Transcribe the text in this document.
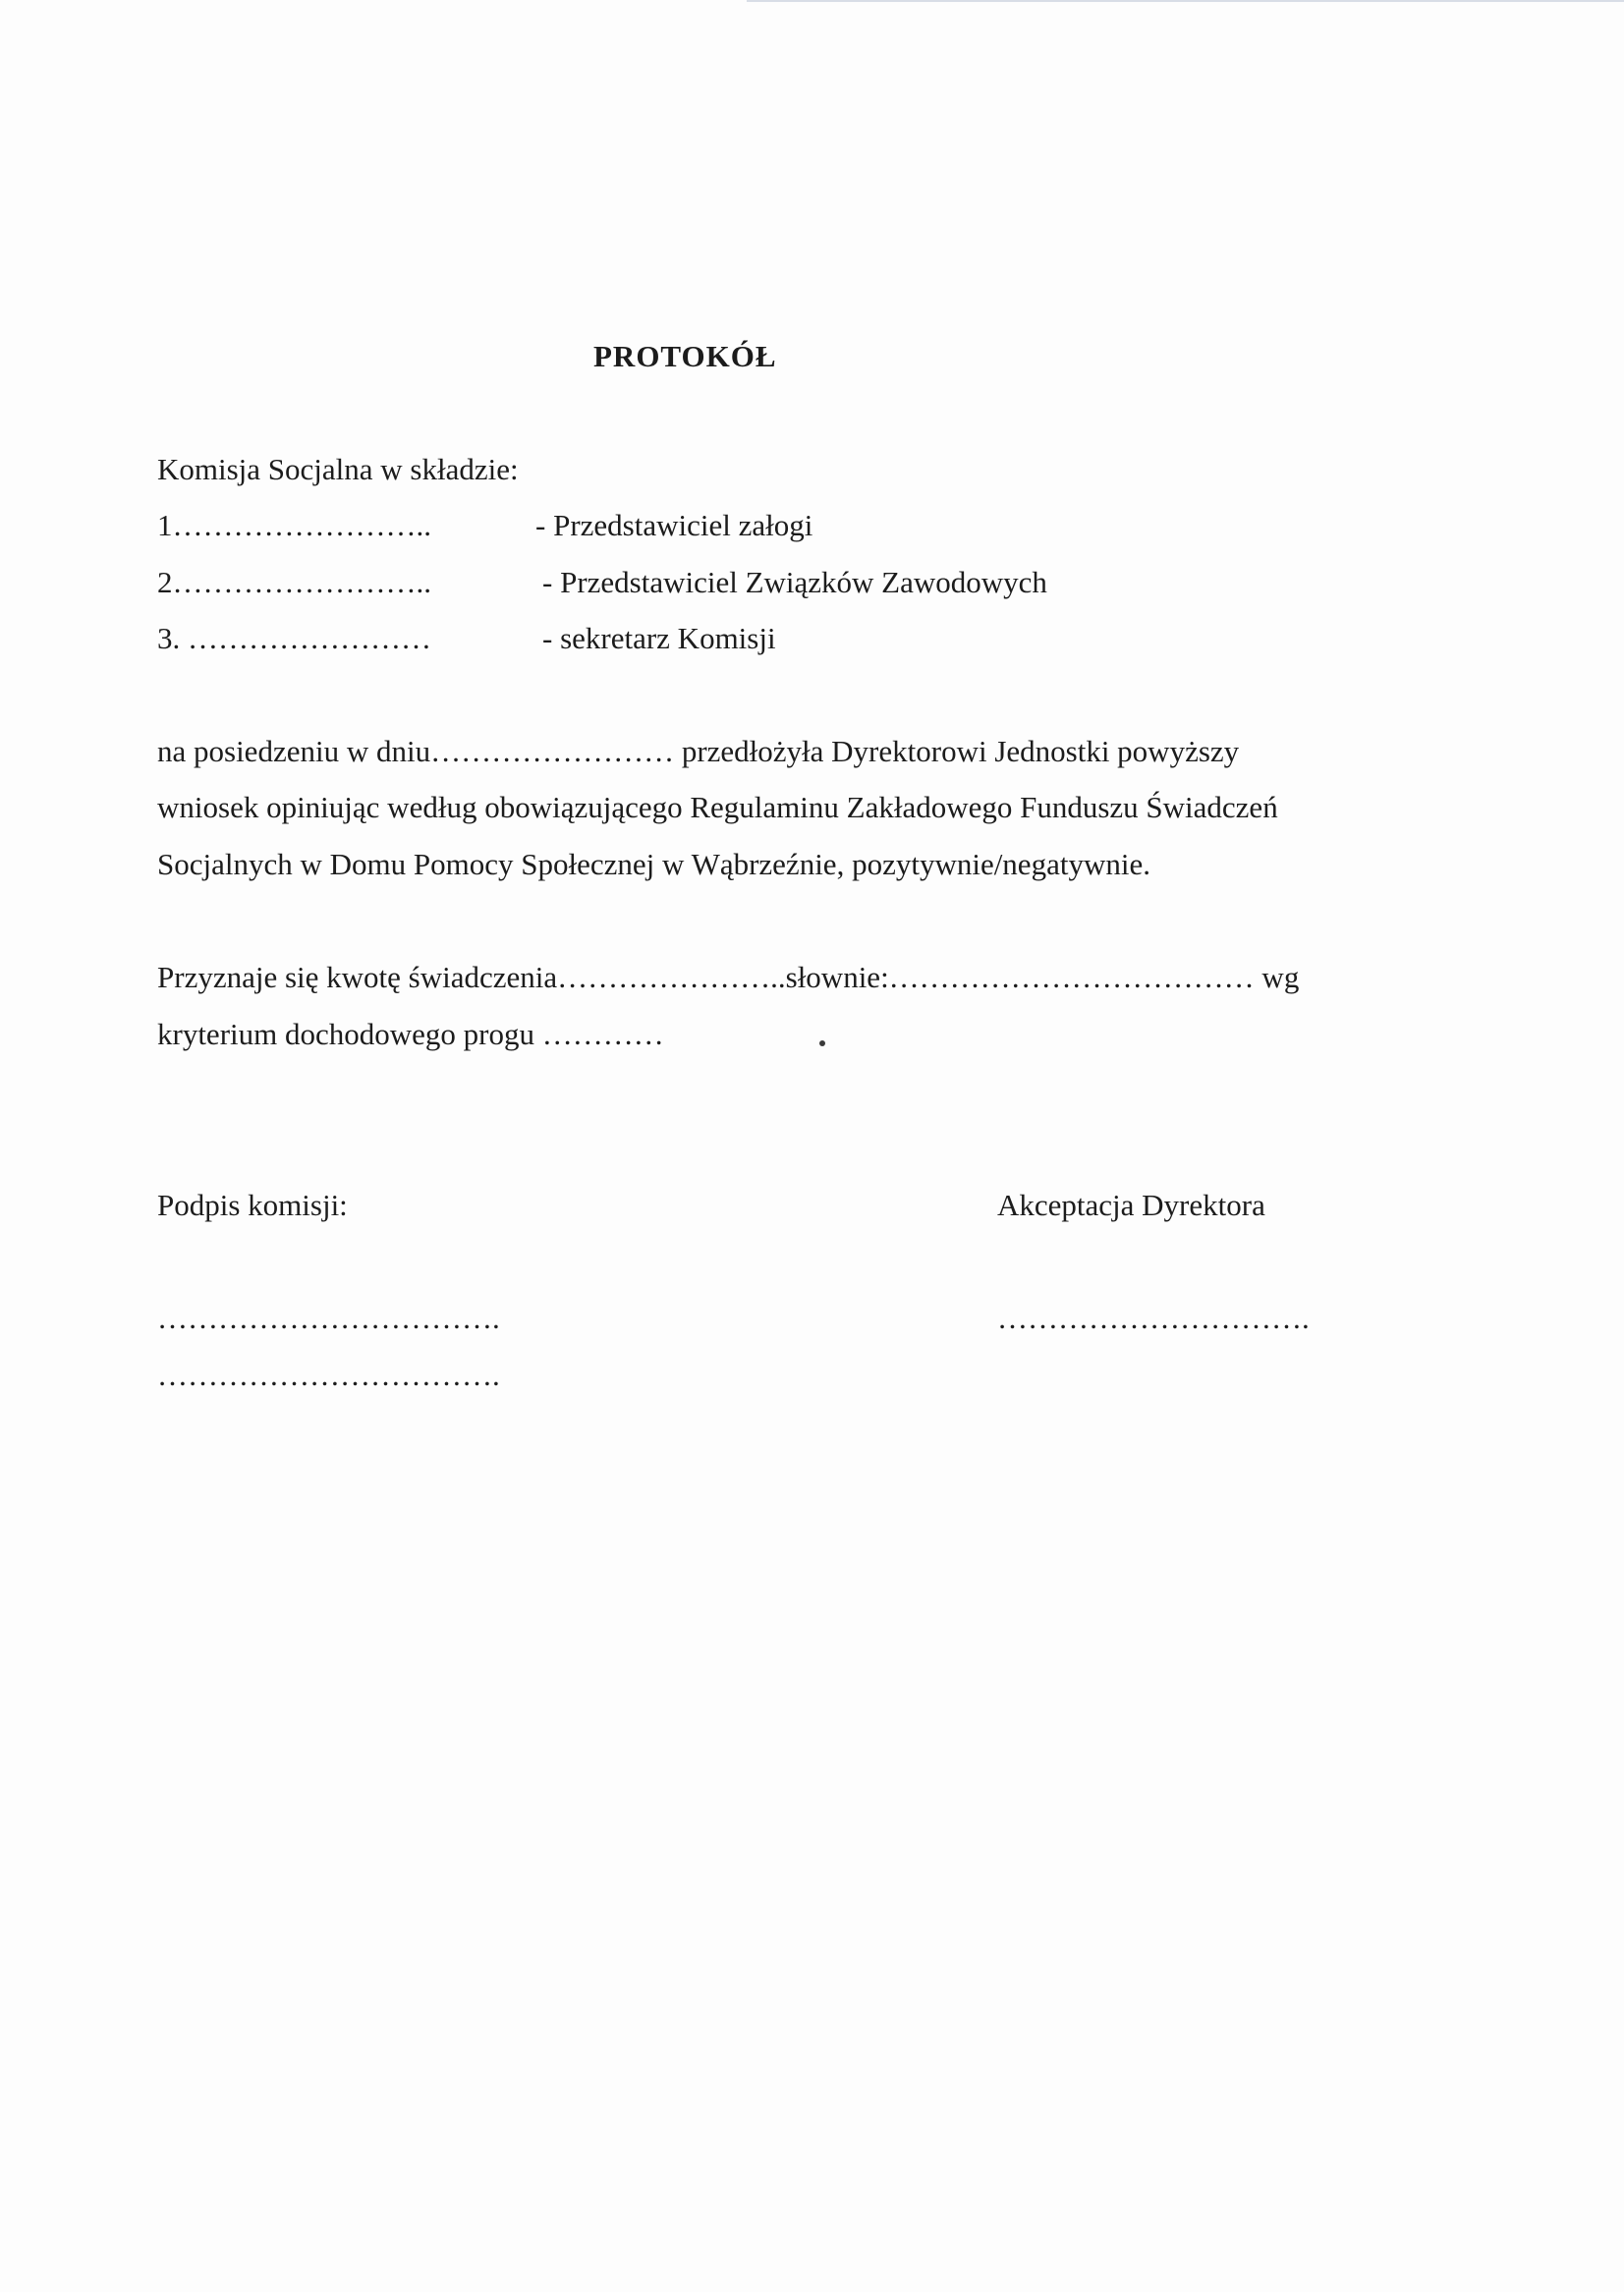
PROTOKÓŁ
Komisja Socjalna w składzie:
1……………………..	- Przedstawiciel załogi
2……………………..	- Przedstawiciel Związków Zawodowych
3. ……………………	- sekretarz Komisji
na posiedzeniu w dniu…………………… przedłożyła Dyrektorowi Jednostki powyższy
wniosek opiniując według obowiązującego Regulaminu Zakładowego Funduszu Świadczeń
Socjalnych w Domu Pomocy Społecznej w Wąbrzeźnie, pozytywnie/negatywnie.
Przyznaje się kwotę świadczenia…………………..słownie:……………………………… wg
kryterium dochodowego progu …………
Podpis komisji:	Akceptacja Dyrektora
…………………………….	………………………….
…………………………….
